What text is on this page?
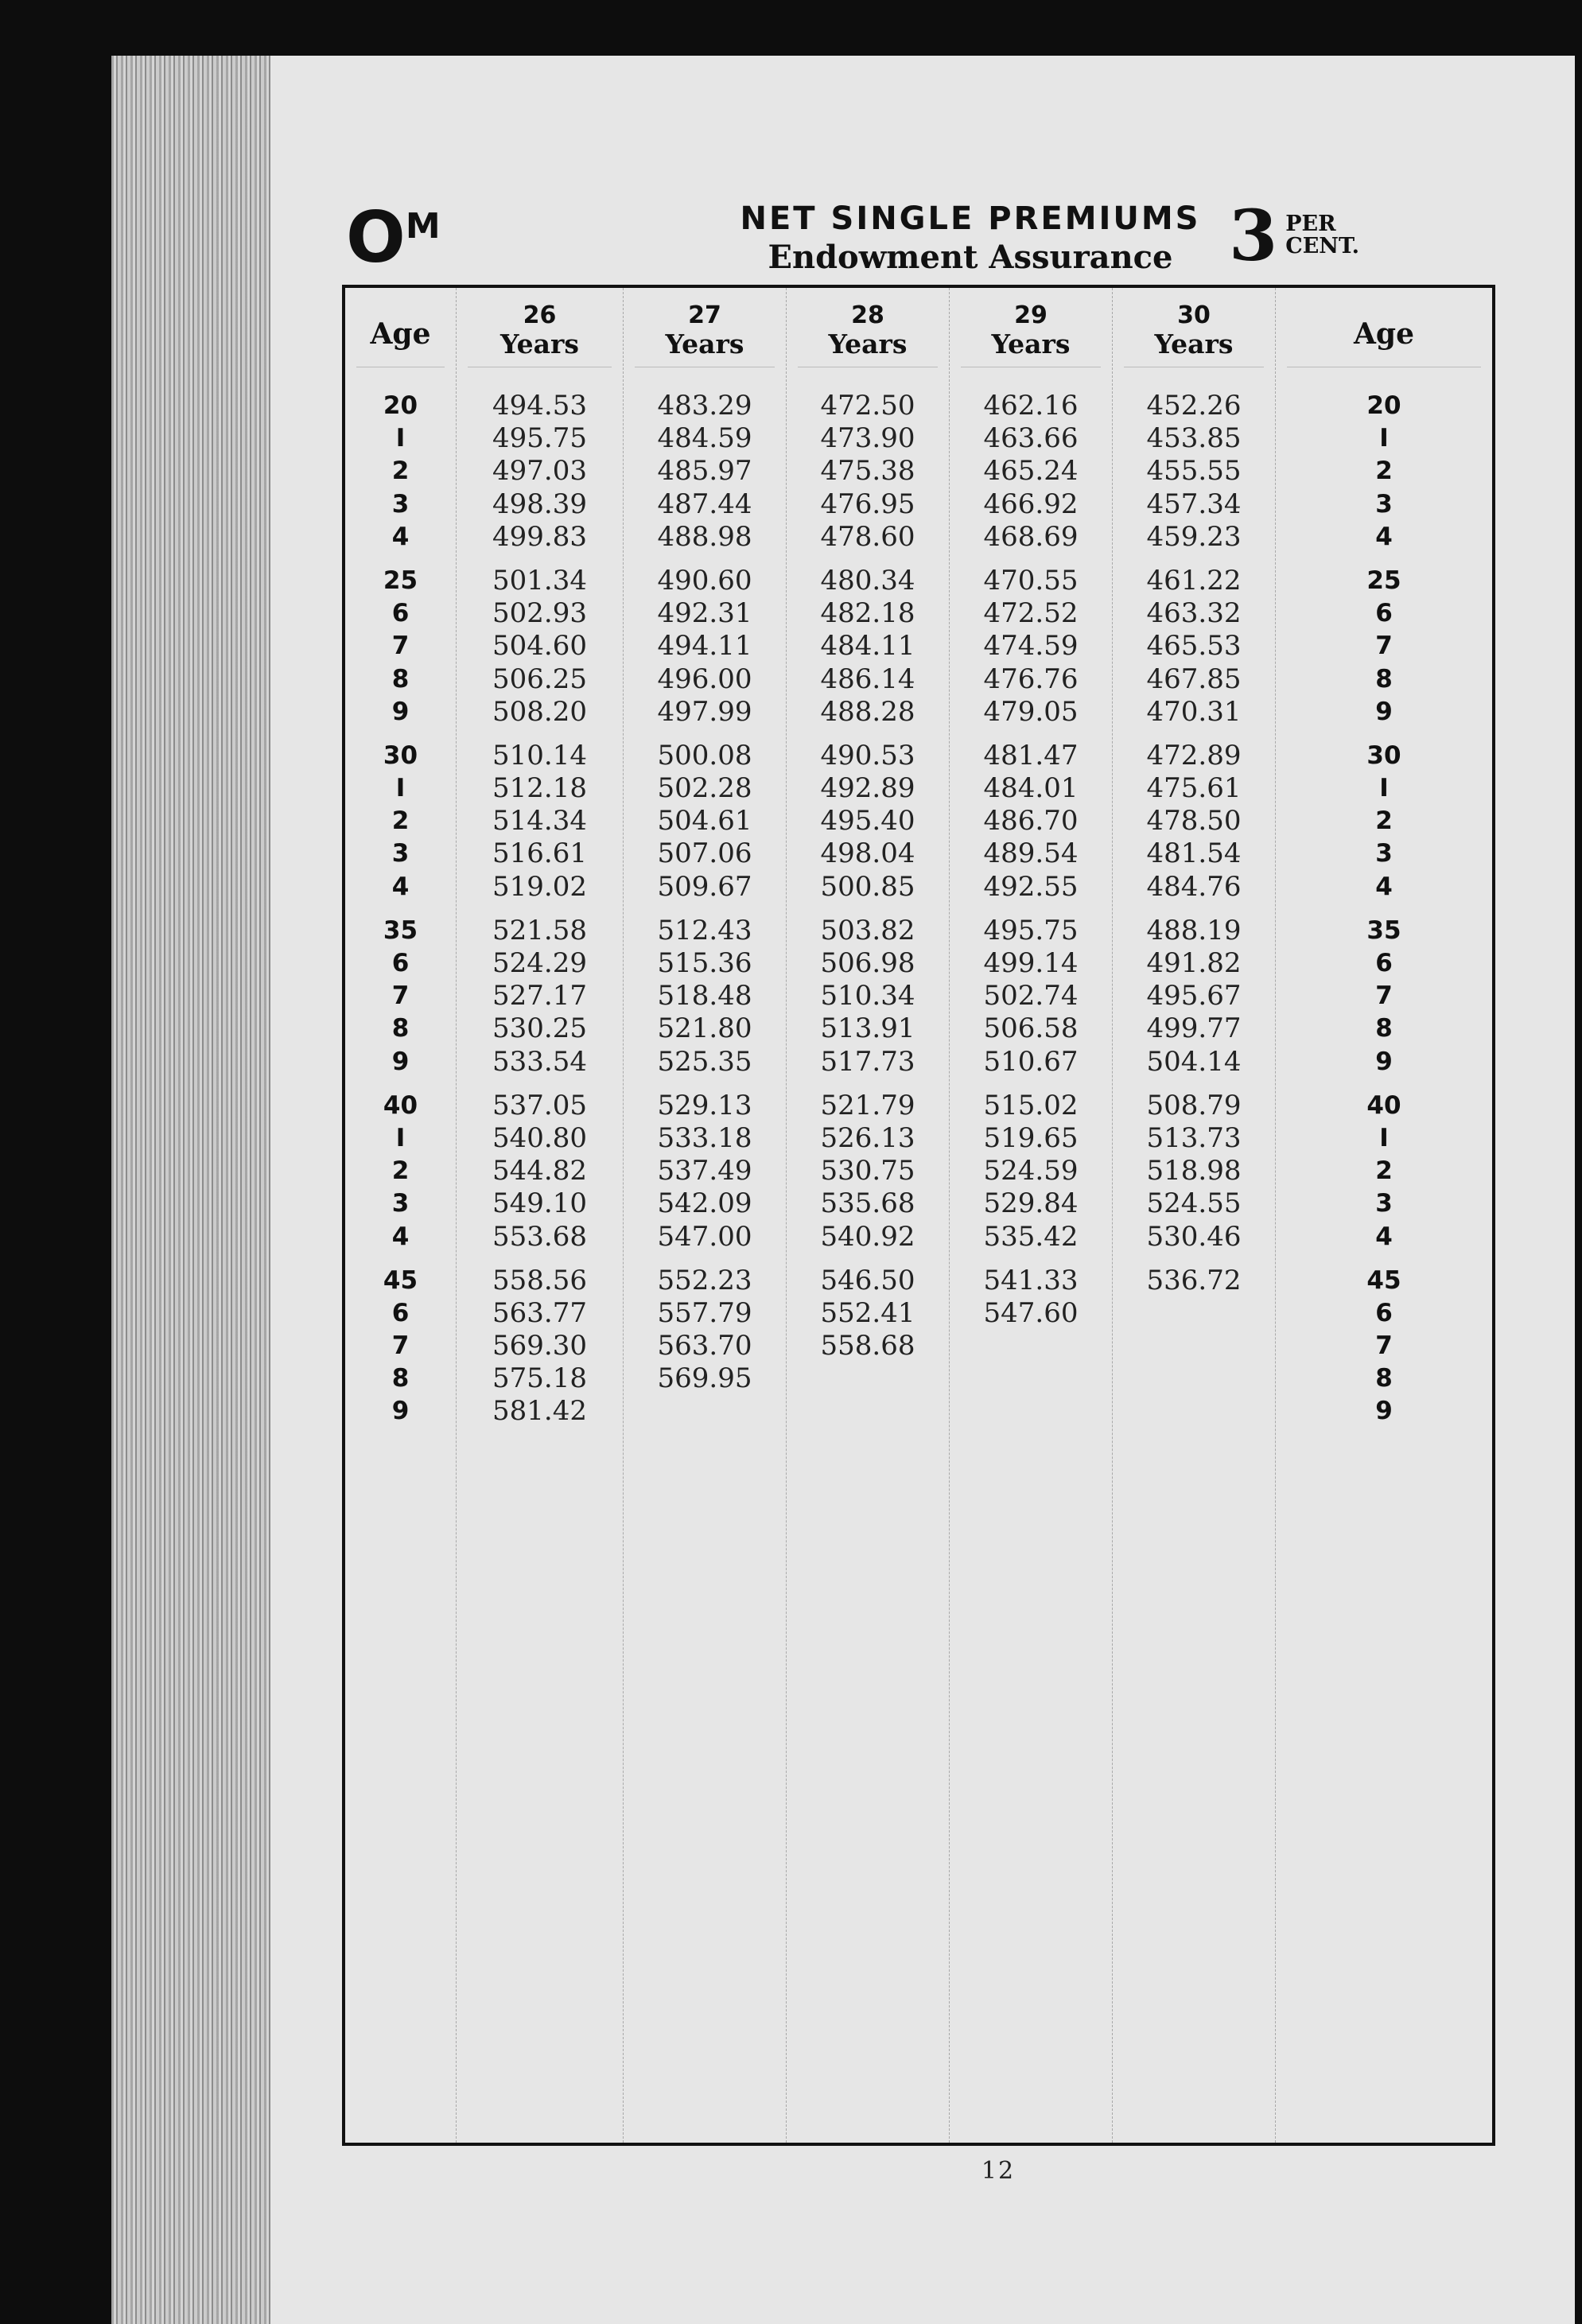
$O^M$	NET SINGLE PREMIUMS
Endowment Assurance 3 PER
CENT.
Age
20
I
2
3
4
25
6
7
8
9
30
I
2
3
4
35
6
7
8
9
40
I
2
3
4
45
6
7
8
9
26
Years
494.53
495.75
497.03
498.39
499.83
501.34
502.93
504.60
506.25
508.20
510.14
512.18
514.34
516.61
519.02
521.58
524.29
527.17
530.25
533.54
537.05
540.80
544.82
549.10
553.68
558.56
563.77
569.30
575.18
581.42
27
Years
483.29
484.59
485.97
487.44
488.98
490.60
492.31
494.11
496.00
497.99
500.08
502.28
504.61
507.06
509.67
512.43
515.36
518.48
521.80
525.35
529.13
533.18
537.49
542.09
547.00
552.23
557.79
563.70
569.95
28
Years
472.50
473.90
475.38
476.95
478.60
480.34
482.18
484.11
486.14
488.28
490.53
492.89
495.40
498.04
500.85
503.82
506.98
510.34
513.91
517.73
521.79
526.13
530.75
535.68
540.92
546.50
552.41
558.68
29
Years
462.16
463.66
465.24
466.92
468.69
470.55
472.52
474.59
476.76
479.05
481.47
484.01
486.70
489.54
492.55
495.75
499.14
502.74
506.58
510.67
515.02
519.65
524.59
529.84
535.42
541.33
547.60
30
Years
452.26
453.85
455.55
457.34
459.23
461.22
463.32
465.53
467.85
470.31
472.89
475.61
478.50
481.54
484.76
488.19
491.82
495.67
499.77
504.14
508.79
513.73
518.98
524.55
530.46
536.72
Age
20
I
2
3
4
25
6
7
8
9
30
I
2
3
4
35
6
7
8
9
40
I
2
3
4
45
6
7
8
9
12
